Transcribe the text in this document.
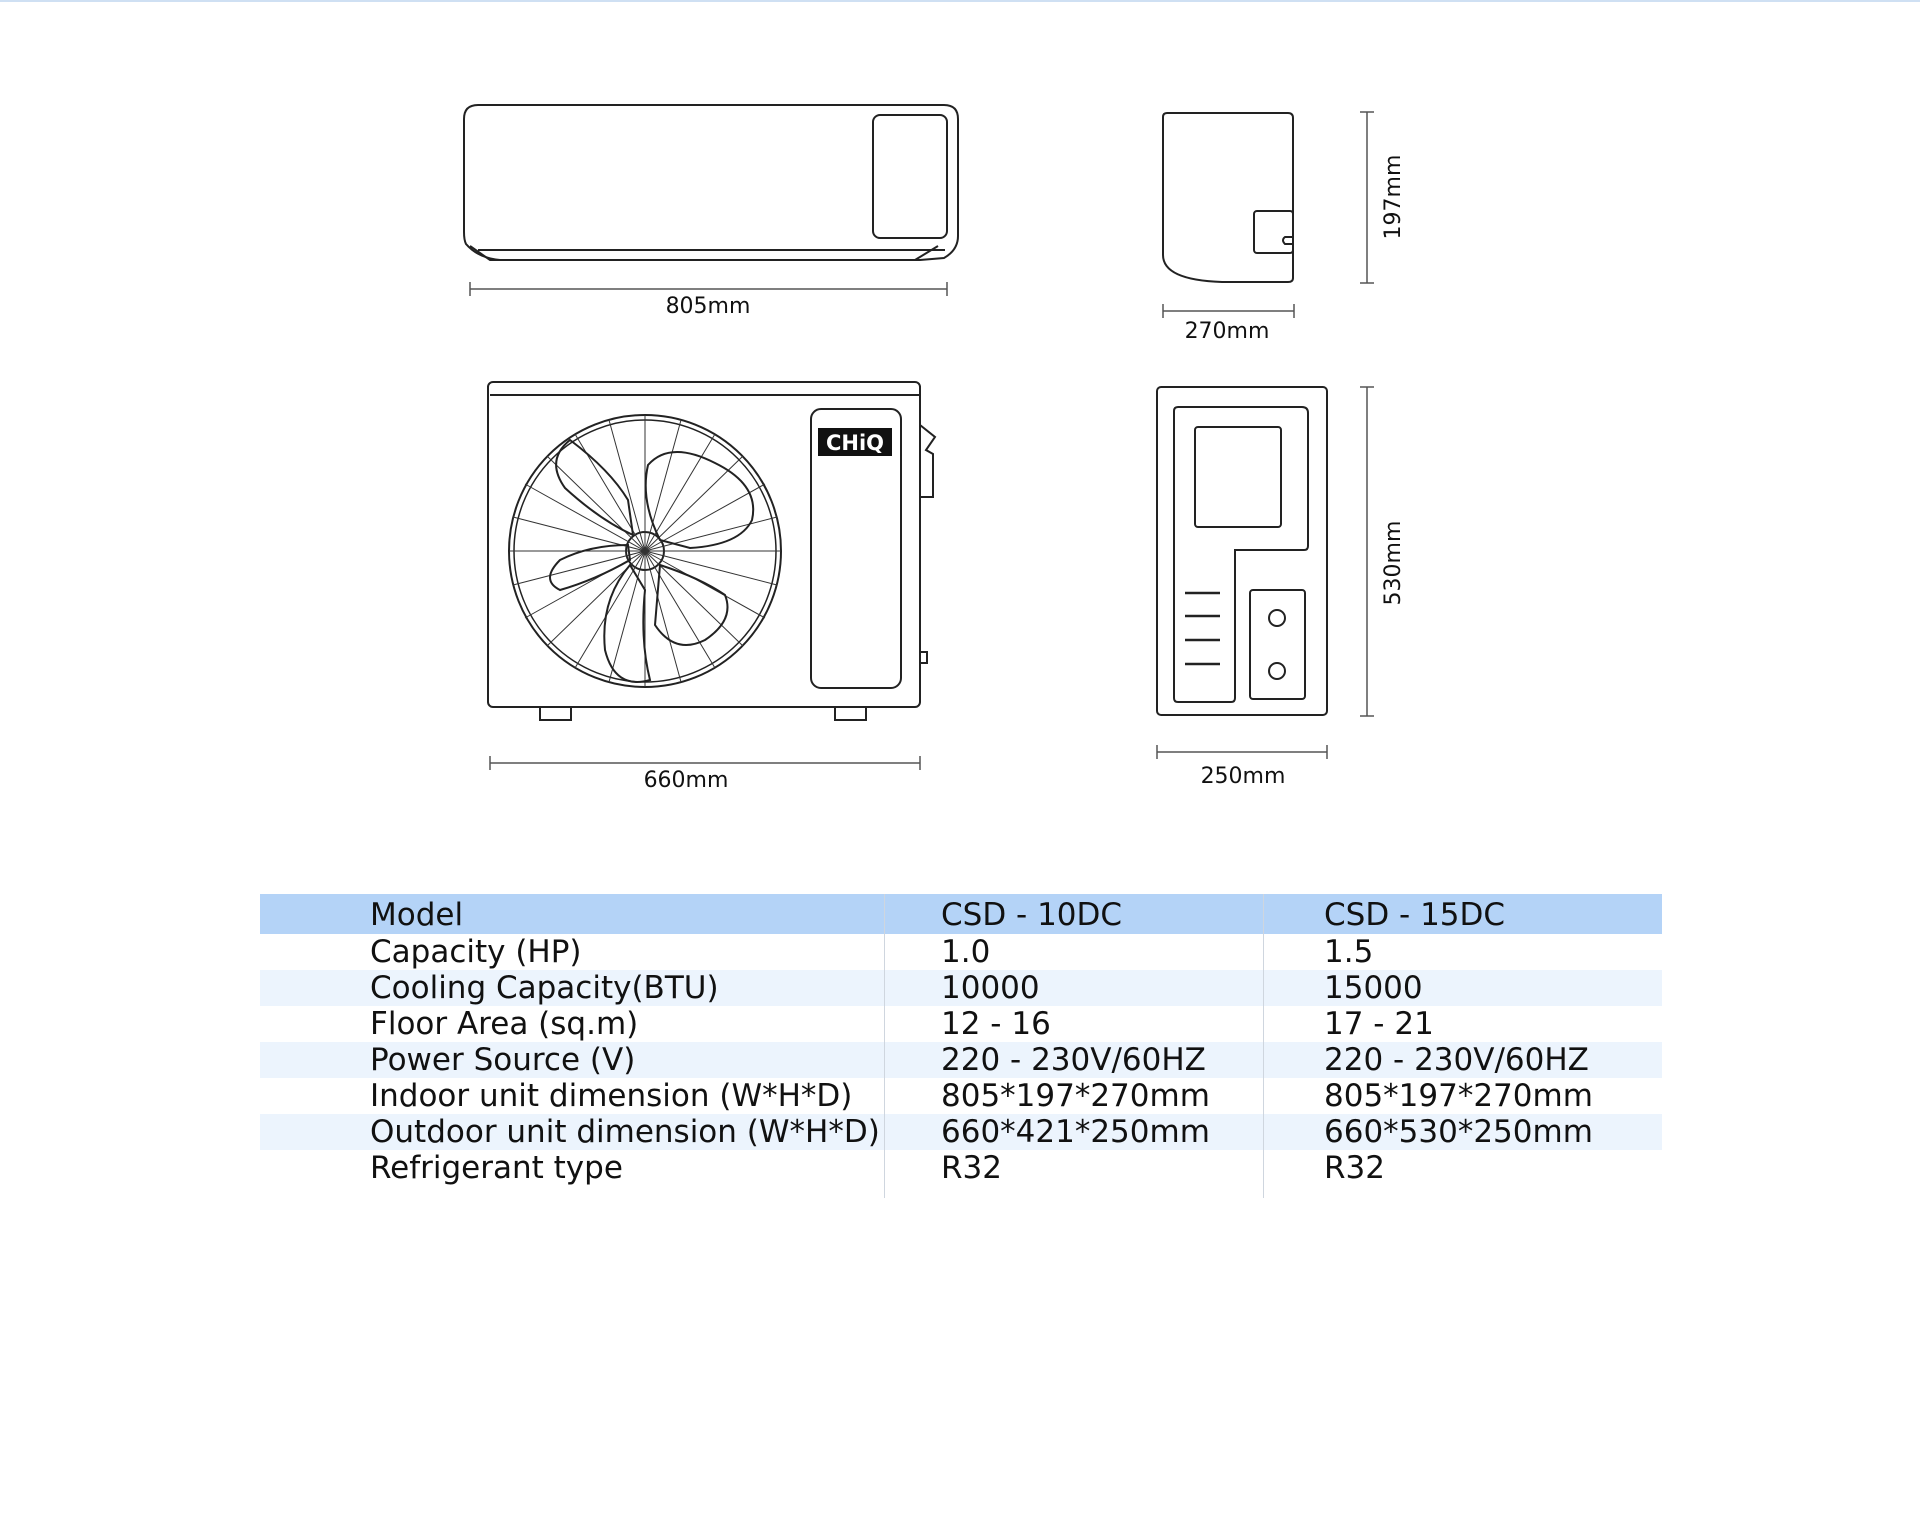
CHiQ
805mm
270mm
197mm
660mm	250mm
530mm
Model	CSD - 10DC	CSD - 15DC
Capacity (HP)	1.0	1.5
Cooling Capacity(BTU)	10000	15000
Floor Area (sq.m)	12 - 16	17 - 21
Power Source (V)	220 - 230V/60HZ	220 - 230V/60HZ
Indoor unit dimension (W*H*D)	805*197*270mm	805*197*270mm
Outdoor unit dimension (W*H*D) 660*421*250mm	660*530*250mm
Refrigerant type	R32	R32
